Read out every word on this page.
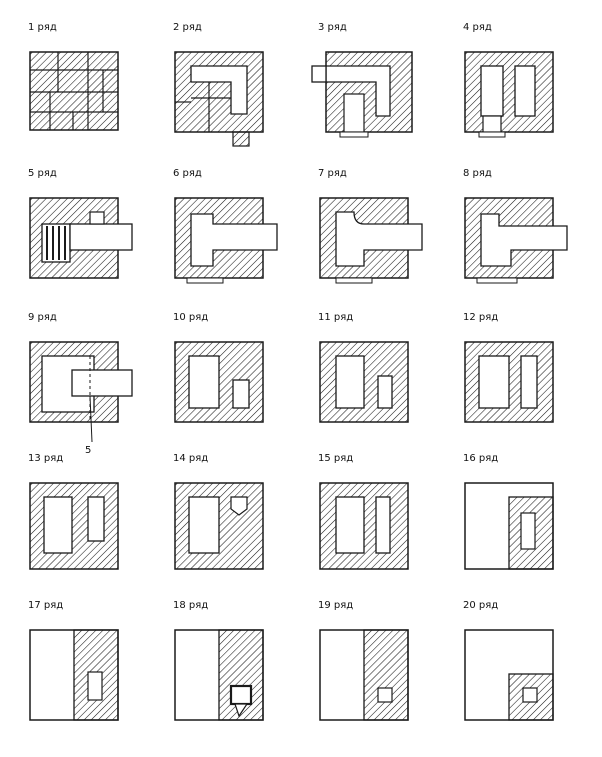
1 ряд	2 ряд	3 ряд	4 ряд
5 ряд	6 ряд	7 ряд	8 ряд
9 ряд
5
10 ряд	11 ряд	12 ряд
13 ряд	14 ряд	15 ряд	16 ряд
17 ряд	18 ряд	19 ряд	20 ряд
